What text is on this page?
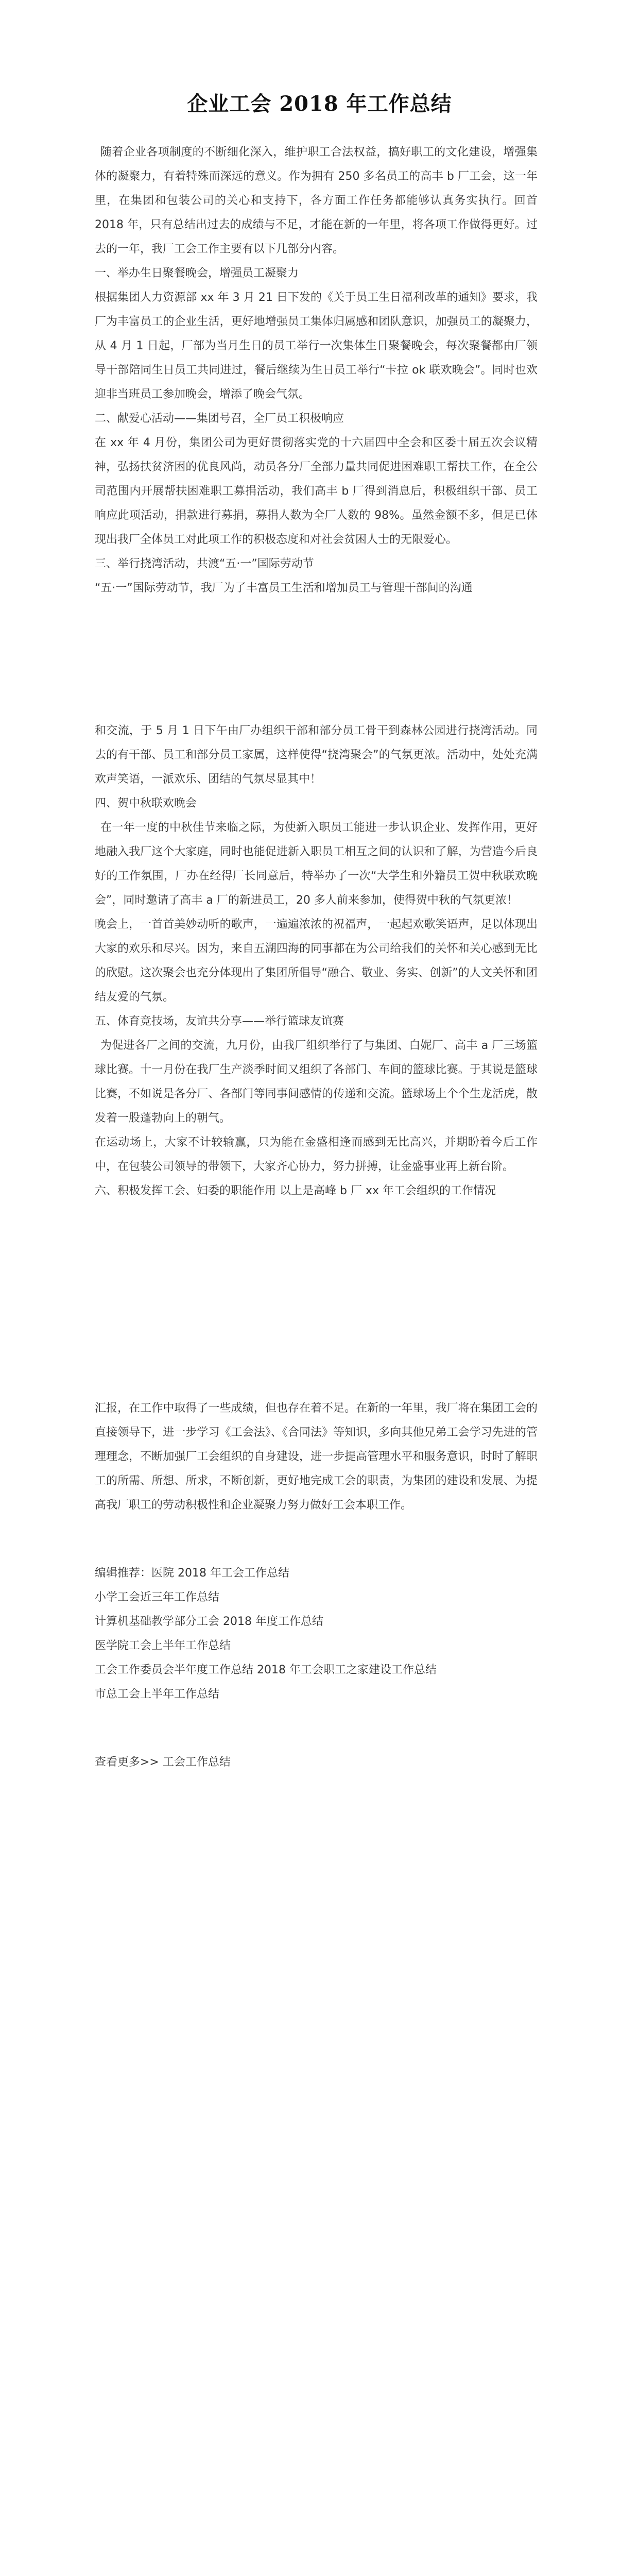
企业工会 2018 年工作总结

随着企业各项制度的不断细化深入，维护职工合法权益，搞好职工的文化建设，增强集体的凝聚力，有着特殊而深远的意义。作为拥有 250 多名员工的高丰 b 厂工会，这一年里，在集团和包装公司的关心和支持下，各方面工作任务都能够认真务实执行。回首 2018 年，只有总结出过去的成绩与不足，才能在新的一年里，将各项工作做得更好。过去的一年，我厂工会工作主要有以下几部分内容。

一、举办生日聚餐晚会，增强员工凝聚力

根据集团人力资源部 xx 年 3 月 21 日下发的《关于员工生日福利改革的通知》要求，我厂为丰富员工的企业生活，更好地增强员工集体归属感和团队意识，加强员工的凝聚力，从 4 月 1 日起，厂部为当月生日的员工举行一次集体生日聚餐晚会，每次聚餐都由厂领导干部陪同生日员工共同进过，餐后继续为生日员工举行“卡拉 ok 联欢晚会”。同时也欢迎非当班员工参加晚会，增添了晚会气氛。

二、献爱心活动——集团号召，全厂员工积极响应

在 xx 年 4 月份，集团公司为更好贯彻落实党的十六届四中全会和区委十届五次会议精神，弘扬扶贫济困的优良风尚，动员各分厂全部力量共同促进困难职工帮扶工作，在全公司范围内开展帮扶困难职工募捐活动，我们高丰 b 厂得到消息后，积极组织干部、员工响应此项活动，捐款进行募捐，募捐人数为全厂人数的 98%。虽然金额不多，但足已体现出我厂全体员工对此项工作的积极态度和对社会贫困人士的无限爱心。

三、举行挠湾活动，共渡“五·一”国际劳动节

“五·一”国际劳动节，我厂为了丰富员工生活和增加员工与管理干部间的沟通

和交流，于 5 月 1 日下午由厂办组织干部和部分员工骨干到森林公园进行挠湾活动。同去的有干部、员工和部分员工家属，这样使得“挠湾聚会”的气氛更浓。活动中，处处充满欢声笑语，一派欢乐、团结的气氛尽显其中！

四、贺中秋联欢晚会

在一年一度的中秋佳节来临之际，为使新入职员工能进一步认识企业、发挥作用，更好地融入我厂这个大家庭，同时也能促进新入职员工相互之间的认识和了解，为营造今后良好的工作氛围，厂办在经得厂长同意后，特举办了一次“大学生和外籍员工贺中秋联欢晚会”，同时邀请了高丰 a 厂的新进员工，20 多人前来参加，使得贺中秋的气氛更浓！

晚会上，一首首美妙动听的歌声，一遍遍浓浓的祝福声，一起起欢歌笑语声，足以体现出大家的欢乐和尽兴。因为，来自五湖四海的同事都在为公司给我们的关怀和关心感到无比的欣慰。这次聚会也充分体现出了集团所倡导“融合、敬业、务实、创新”的人文关怀和团结友爱的气氛。

五、体育竞技场，友谊共分享——举行篮球友谊赛

为促进各厂之间的交流，九月份，由我厂组织举行了与集团、白妮厂、高丰 a 厂三场篮球比赛。十一月份在我厂生产淡季时间又组织了各部门、车间的篮球比赛。于其说是篮球比赛，不如说是各分厂、各部门等同事间感情的传递和交流。篮球场上个个生龙活虎，散发着一股蓬勃向上的朝气。

在运动场上，大家不计较输赢，只为能在金盛相逢而感到无比高兴，并期盼着今后工作中，在包装公司领导的带领下，大家齐心协力，努力拼搏，让金盛事业再上新台阶。

六、积极发挥工会、妇委的职能作用 以上是高峰 b 厂 xx 年工会组织的工作情况

汇报，在工作中取得了一些成绩，但也存在着不足。在新的一年里，我厂将在集团工会的直接领导下，进一步学习《工会法》、《合同法》等知识，多向其他兄弟工会学习先进的管理理念，不断加强厂工会组织的自身建设，进一步提高管理水平和服务意识，时时了解职工的所需、所想、所求，不断创新，更好地完成工会的职责，为集团的建设和发展、为提高我厂职工的劳动积极性和企业凝聚力努力做好工会本职工作。

编辑推荐：医院 2018 年工会工作总结

小学工会近三年工作总结

计算机基础教学部分工会 2018 年度工作总结

医学院工会上半年工作总结

工会工作委员会半年度工作总结 2018 年工会职工之家建设工作总结

市总工会上半年工作总结

查看更多>> 工会工作总结
